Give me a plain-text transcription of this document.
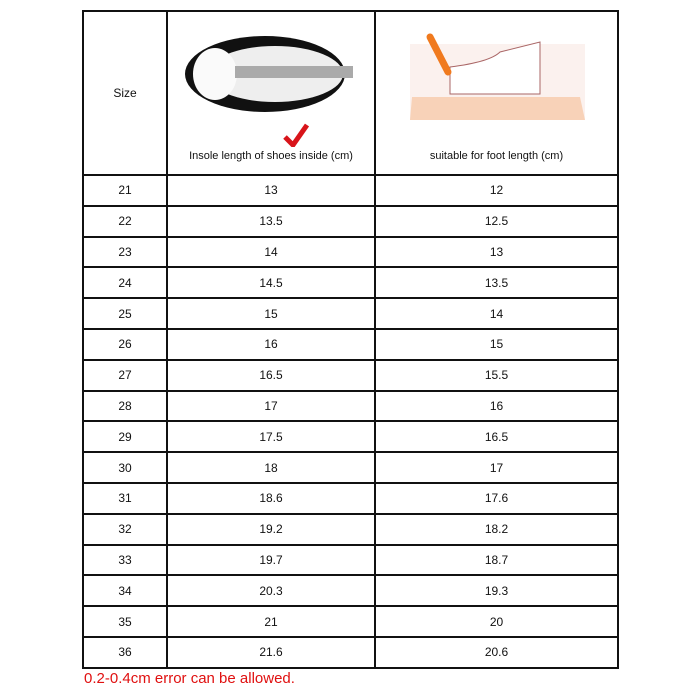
Size	Insole length of shoes inside (cm)	suitable for foot length (cm)

21	13	12
22	13.5	12.5
23	14	13
24	14.5	13.5
25	15	14
26	16	15
27	16.5	15.5
28	17	16
29	17.5	16.5
30	18	17
31	18.6	17.6
32	19.2	18.2
33	19.7	18.7
34	20.3	19.3
35	21	20
36	21.6	20.6
0.2-0.4cm error can be allowed.
